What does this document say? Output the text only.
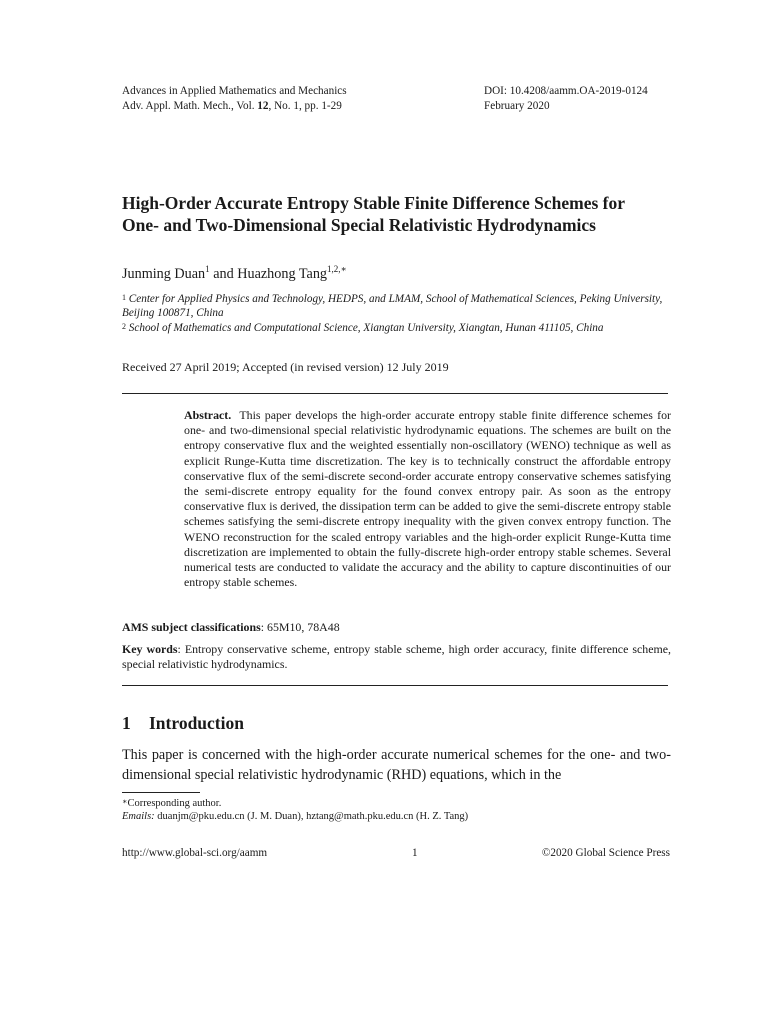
Advances in Applied Mathematics and Mechanics
Adv. Appl. Math. Mech., Vol. 12, No. 1, pp. 1-29
DOI: 10.4208/aamm.OA-2019-0124
February 2020
High-Order Accurate Entropy Stable Finite Difference Schemes for One- and Two-Dimensional Special Relativistic Hydrodynamics
Junming Duan$^1$ and Huazhong Tang$^{1,2,∗}$
$^1$ Center for Applied Physics and Technology, HEDPS, and LMAM, School of Mathematical Sciences, Peking University, Beijing 100871, China
$^2$ School of Mathematics and Computational Science, Xiangtan University, Xiangtan, Hunan 411105, China
Received 27 April 2019; Accepted (in revised version) 12 July 2019
Abstract. This paper develops the high-order accurate entropy stable finite difference schemes for one- and two-dimensional special relativistic hydrodynamic equations. The schemes are built on the entropy conservative flux and the weighted essentially non-oscillatory (WENO) technique as well as explicit Runge-Kutta time discretization. The key is to technically construct the affordable entropy conservative flux of the semi-discrete second-order accurate entropy conservative schemes satisfying the semi-discrete entropy equality for the found convex entropy pair. As soon as the entropy conservative flux is derived, the dissipation term can be added to give the semi-discrete entropy stable schemes satisfying the semi-discrete entropy inequality with the given convex entropy function. The WENO reconstruction for the scaled entropy variables and the high-order explicit Runge-Kutta time discretization are implemented to obtain the fully-discrete high-order entropy stable schemes. Several numerical tests are conducted to validate the accuracy and the ability to capture discontinuities of our entropy stable schemes.
AMS subject classifications: 65M10, 78A48
Key words: Entropy conservative scheme, entropy stable scheme, high order accuracy, finite difference scheme, special relativistic hydrodynamics.
1 Introduction
This paper is concerned with the high-order accurate numerical schemes for the one- and two-dimensional special relativistic hydrodynamic (RHD) equations, which in the
∗Corresponding author.
Emails: duanjm@pku.edu.cn (J. M. Duan), hztang@math.pku.edu.cn (H. Z. Tang)
http://www.global-sci.org/aamm	1	©2020 Global Science Press
